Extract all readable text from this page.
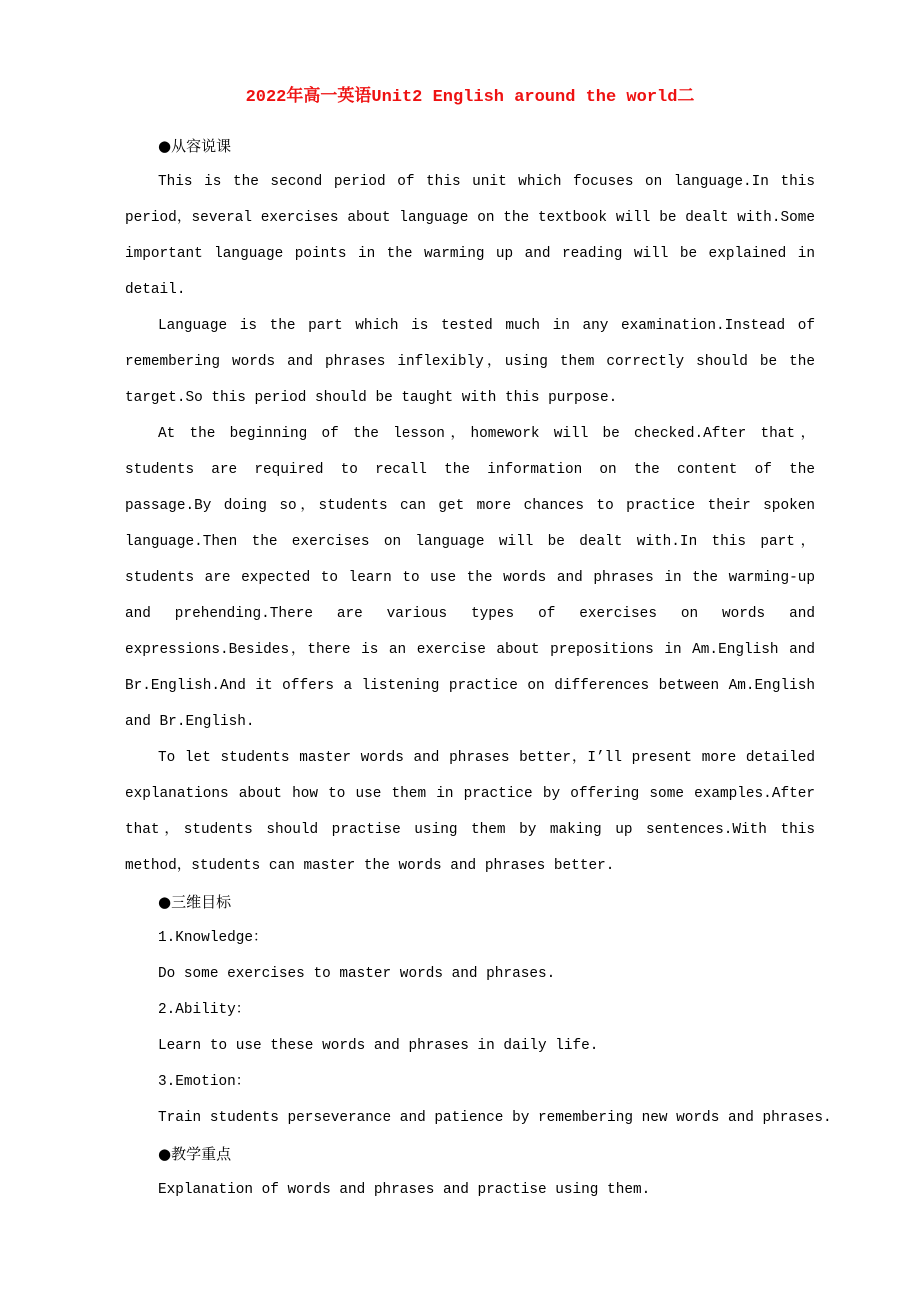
2022年高一英语Unit2 English around the world二
●从容说课

This is the second period of this unit which focuses on language.In this period，several exercises about language on the textbook will be dealt with.Some important language points in the warming up and reading will be explained in detail.

Language is the part which is tested much in any examination.Instead of remembering words and phrases inflexibly，using them correctly should be the target.So this period should be taught with this purpose.

At the beginning of the lesson，homework will be checked.After that，students are required to recall the information on the content of the passage.By doing so，students can get more chances to practice their spoken language.Then the exercises on language will be dealt with.In this part，students are expected to learn to use the words and phrases in the warming-up and prehending.There are various types of exercises on words and expressions.Besides，there is an exercise about prepositions in Am.English and Br.English.And it offers a listening practice on differences between Am.English and Br.English.

To let students master words and phrases better，I’ll present more detailed explanations about how to use them in practice by offering some examples.After that，students should practise using them by making up sentences.With this method，students can master the words and phrases better.

●三维目标
1.Knowledge：
Do some exercises to master words and phrases.
2.Ability：
Learn to use these words and phrases in daily life.
3.Emotion：
Train students perseverance and patience by remembering new words and phrases.
●教学重点
Explanation of words and phrases and practise using them.
